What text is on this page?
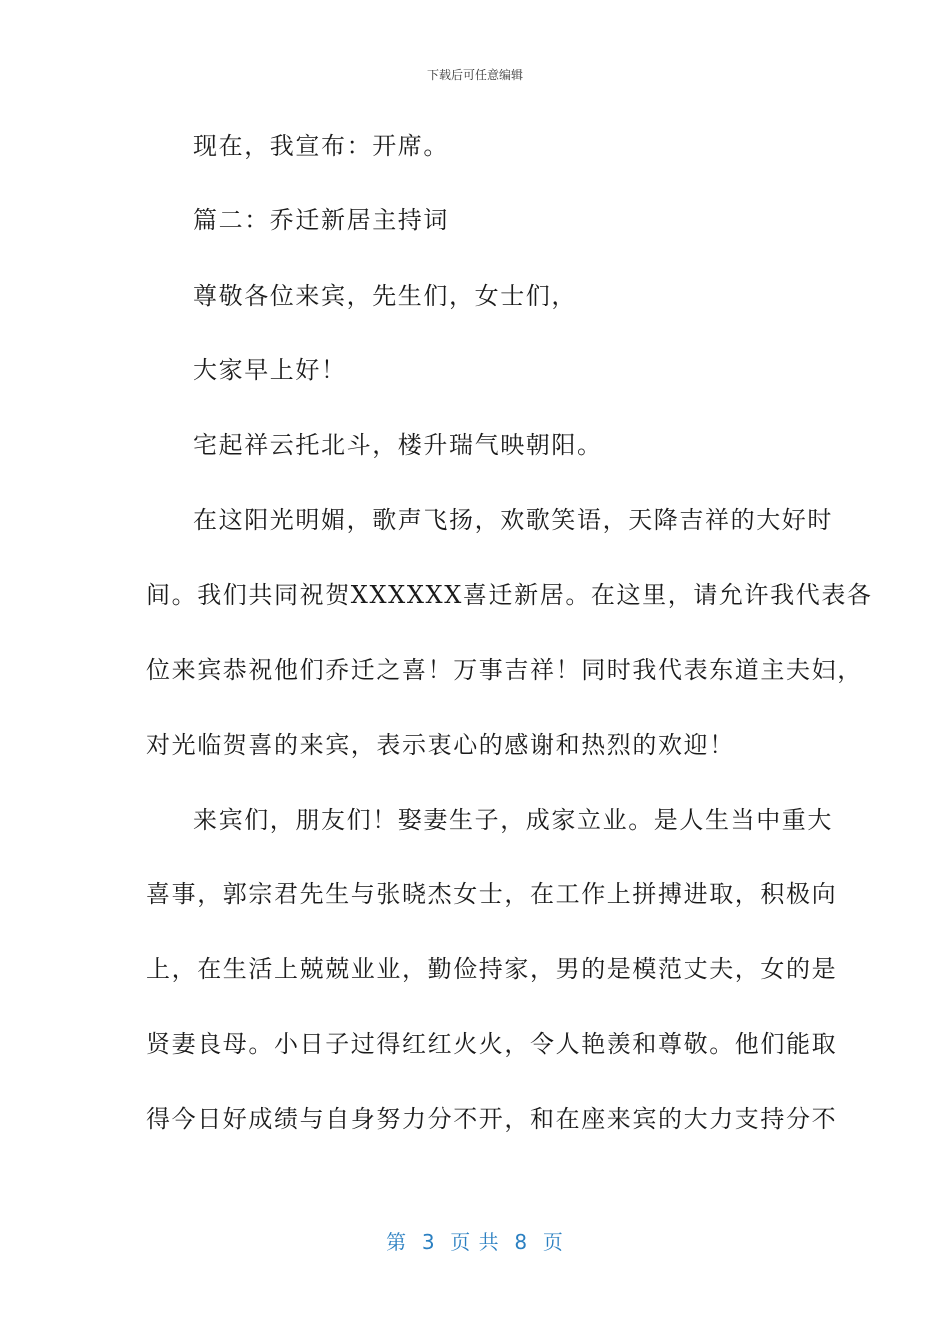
下载后可任意编辑
现在，我宣布：开席。
篇二：乔迁新居主持词
尊敬各位来宾，先生们，女士们，
大家早上好！
宅起祥云托北斗，楼升瑞气映朝阳。
在这阳光明媚，歌声飞扬，欢歌笑语，天降吉祥的大好时
间。我们共同祝贺XXXXXX喜迁新居。在这里，请允许我代表各
位来宾恭祝他们乔迁之喜！万事吉祥！同时我代表东道主夫妇，
对光临贺喜的来宾，表示衷心的感谢和热烈的欢迎！
来宾们，朋友们！娶妻生子，成家立业。是人生当中重大
喜事，郭宗君先生与张晓杰女士，在工作上拼搏进取，积极向
上，在生活上兢兢业业，勤俭持家，男的是模范丈夫，女的是
贤妻良母。小日子过得红红火火，令人艳羡和尊敬。他们能取
得今日好成绩与自身努力分不开，和在座来宾的大力支持分不
第  3  页 共  8  页
